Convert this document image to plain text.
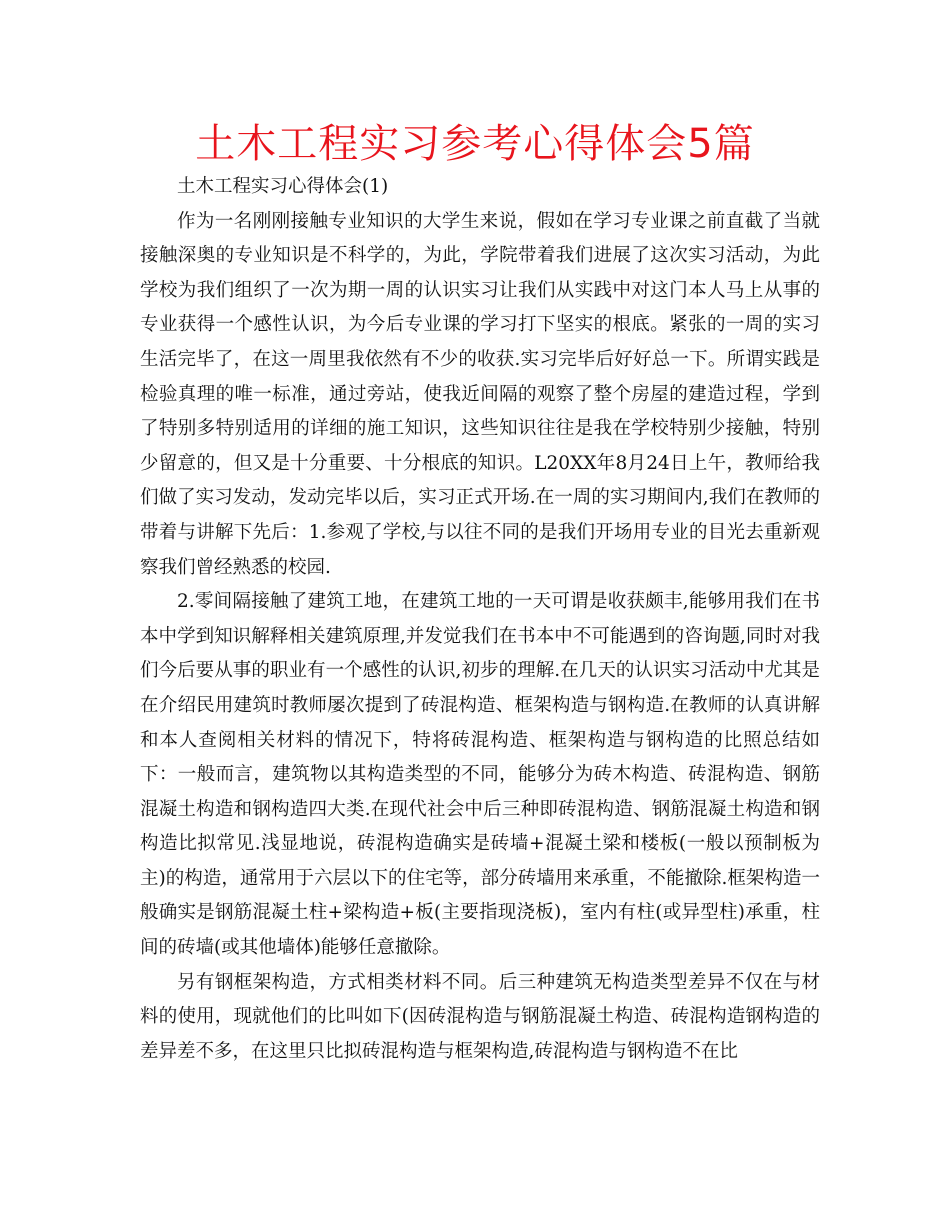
土木工程实习参考心得体会5篇

土木工程实习心得体会(1)

作为一名刚刚接触专业知识的大学生来说，假如在学习专业课之前直截了当就接触深奥的专业知识是不科学的，为此，学院带着我们进展了这次实习活动，为此学校为我们组织了一次为期一周的认识实习让我们从实践中对这门本人马上从事的专业获得一个感性认识，为今后专业课的学习打下坚实的根底。紧张的一周的实习生活完毕了，在这一周里我依然有不少的收获.实习完毕后好好总一下。所谓实践是检验真理的唯一标准，通过旁站，使我近间隔的观察了整个房屋的建造过程，学到了特别多特别适用的详细的施工知识，这些知识往往是我在学校特别少接触，特别少留意的，但又是十分重要、十分根底的知识。L20XX年8月24日上午，教师给我们做了实习发动，发动完毕以后，实习正式开场.在一周的实习期间内,我们在教师的带着与讲解下先后：1.参观了学校,与以往不同的是我们开场用专业的目光去重新观察我们曾经熟悉的校园.

2.零间隔接触了建筑工地，在建筑工地的一天可谓是收获颇丰,能够用我们在书本中学到知识解释相关建筑原理,并发觉我们在书本中不可能遇到的咨询题,同时对我们今后要从事的职业有一个感性的认识,初步的理解.在几天的认识实习活动中尤其是在介绍民用建筑时教师屡次提到了砖混构造、框架构造与钢构造.在教师的认真讲解和本人查阅相关材料的情况下，特将砖混构造、框架构造与钢构造的比照总结如下：一般而言，建筑物以其构造类型的不同，能够分为砖木构造、砖混构造、钢筋混凝土构造和钢构造四大类.在现代社会中后三种即砖混构造、钢筋混凝土构造和钢构造比拟常见.浅显地说，砖混构造确实是砖墙+混凝土梁和楼板(一般以预制板为主)的构造，通常用于六层以下的住宅等，部分砖墙用来承重，不能撤除.框架构造一般确实是钢筋混凝土柱+梁构造+板(主要指现浇板)，室内有柱(或异型柱)承重，柱间的砖墙(或其他墙体)能够任意撤除。

另有钢框架构造，方式相类材料不同。后三种建筑无构造类型差异不仅在与材料的使用，现就他们的比叫如下(因砖混构造与钢筋混凝土构造、砖混构造钢构造的差异差不多，在这里只比拟砖混构造与框架构造,砖混构造与钢构造不在比
